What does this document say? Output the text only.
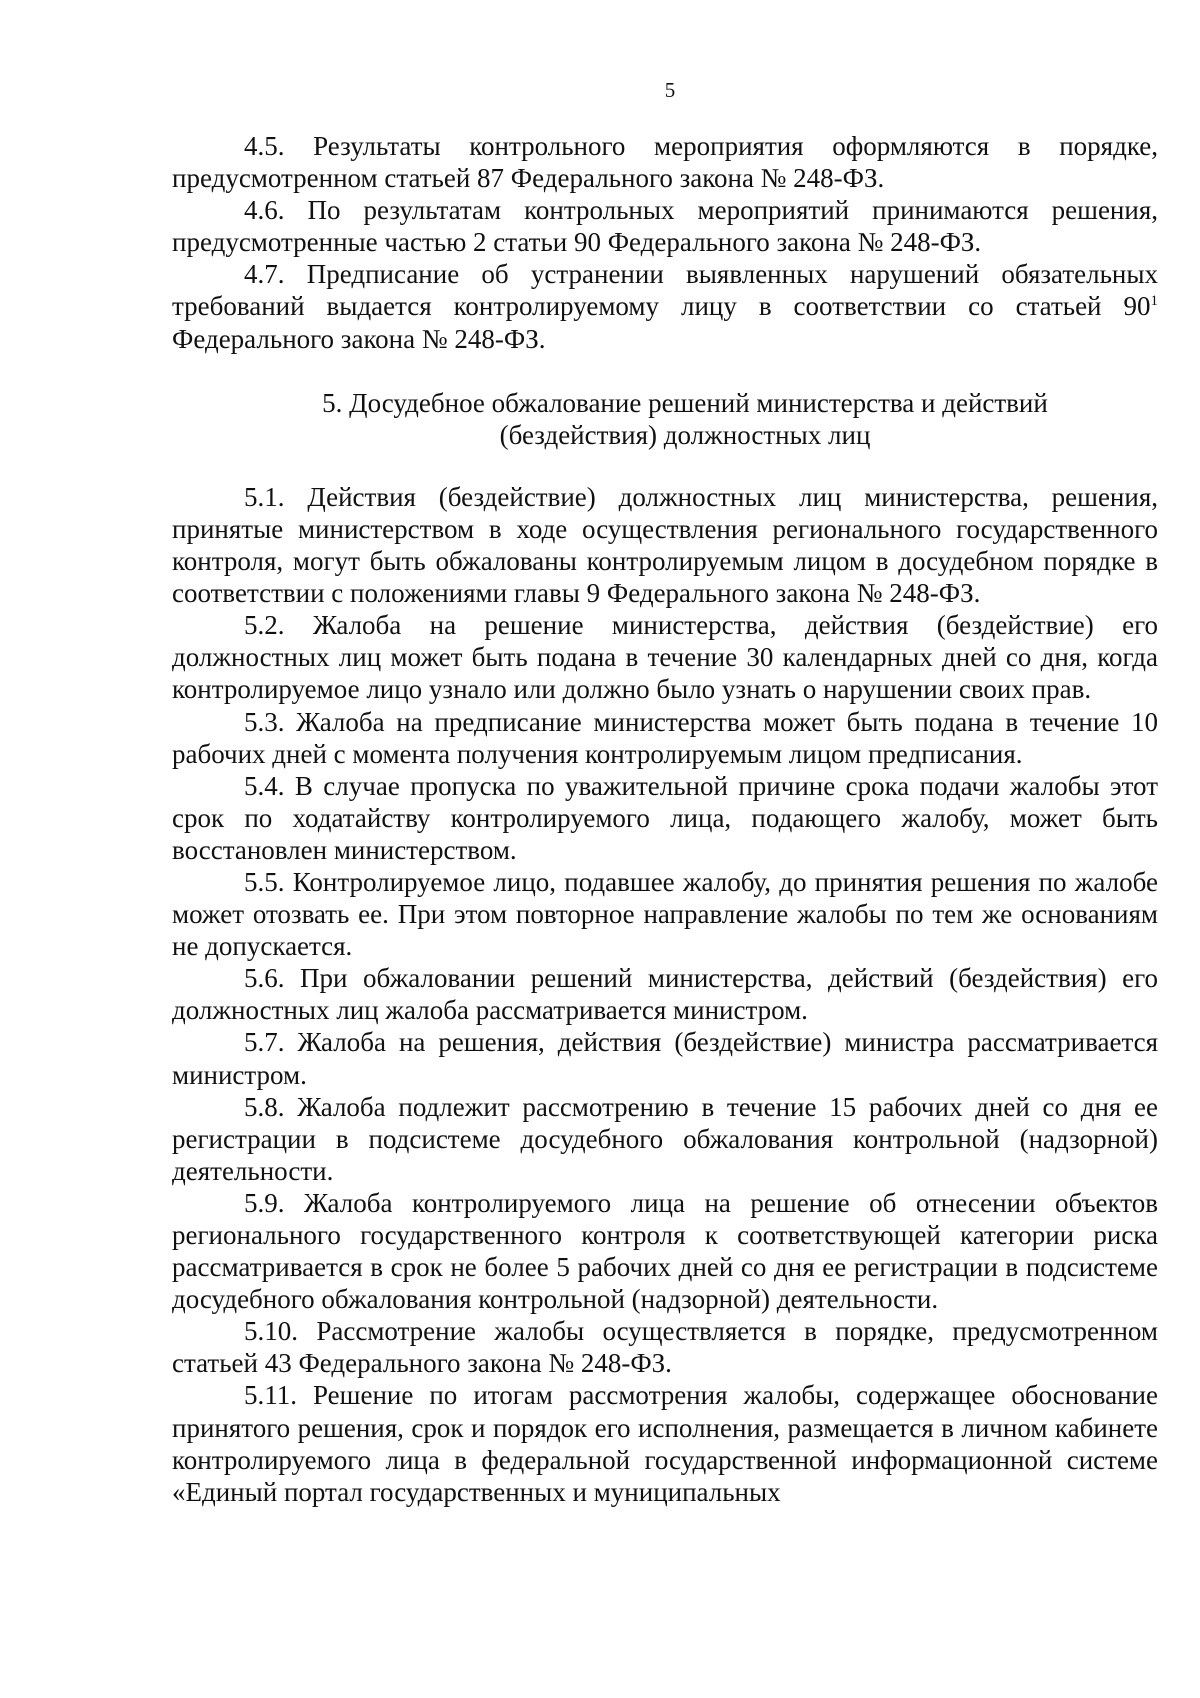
5

4.5. Результаты контрольного мероприятия оформляются в порядке, предусмотренном статьей 87 Федерального закона № 248-ФЗ.

4.6. По результатам контрольных мероприятий принимаются решения, предусмотренные частью 2 статьи 90 Федерального закона № 248-ФЗ.

4.7. Предписание об устранении выявленных нарушений обязательных требований выдается контролируемому лицу в соответствии со статьей $90^1$ Федерального закона № 248-ФЗ.

5. Досудебное обжалование решений министерства и действий
(бездействия) должностных лиц

5.1. Действия (бездействие) должностных лиц министерства, решения, принятые министерством в ходе осуществления регионального государственного контроля, могут быть обжалованы контролируемым лицом в досудебном порядке в соответствии с положениями главы 9 Федерального закона № 248-ФЗ.

5.2. Жалоба на решение министерства, действия (бездействие) его должностных лиц может быть подана в течение 30 календарных дней со дня, когда контролируемое лицо узнало или должно было узнать о нарушении своих прав.

5.3. Жалоба на предписание министерства может быть подана в течение 10 рабочих дней с момента получения контролируемым лицом предписания.

5.4. В случае пропуска по уважительной причине срока подачи жалобы этот срок по ходатайству контролируемого лица, подающего жалобу, может быть восстановлен министерством.

5.5. Контролируемое лицо, подавшее жалобу, до принятия решения по жалобе может отозвать ее. При этом повторное направление жалобы по тем же основаниям не допускается.

5.6. При обжаловании решений министерства, действий (бездействия) его должностных лиц жалоба рассматривается министром.

5.7. Жалоба на решения, действия (бездействие) министра рассматривается министром.

5.8. Жалоба подлежит рассмотрению в течение 15 рабочих дней со дня ее регистрации в подсистеме досудебного обжалования контрольной (надзорной) деятельности.

5.9. Жалоба контролируемого лица на решение об отнесении объектов регионального государственного контроля к соответствующей категории риска рассматривается в срок не более 5 рабочих дней со дня ее регистрации в подсистеме досудебного обжалования контрольной (надзорной) деятельности.

5.10. Рассмотрение жалобы осуществляется в порядке, предусмотренном статьей 43 Федерального закона № 248-ФЗ.

5.11. Решение по итогам рассмотрения жалобы, содержащее обоснование принятого решения, срок и порядок его исполнения, размещается в личном кабинете контролируемого лица в федеральной государственной информационной системе «Единый портал государственных и муниципальных
